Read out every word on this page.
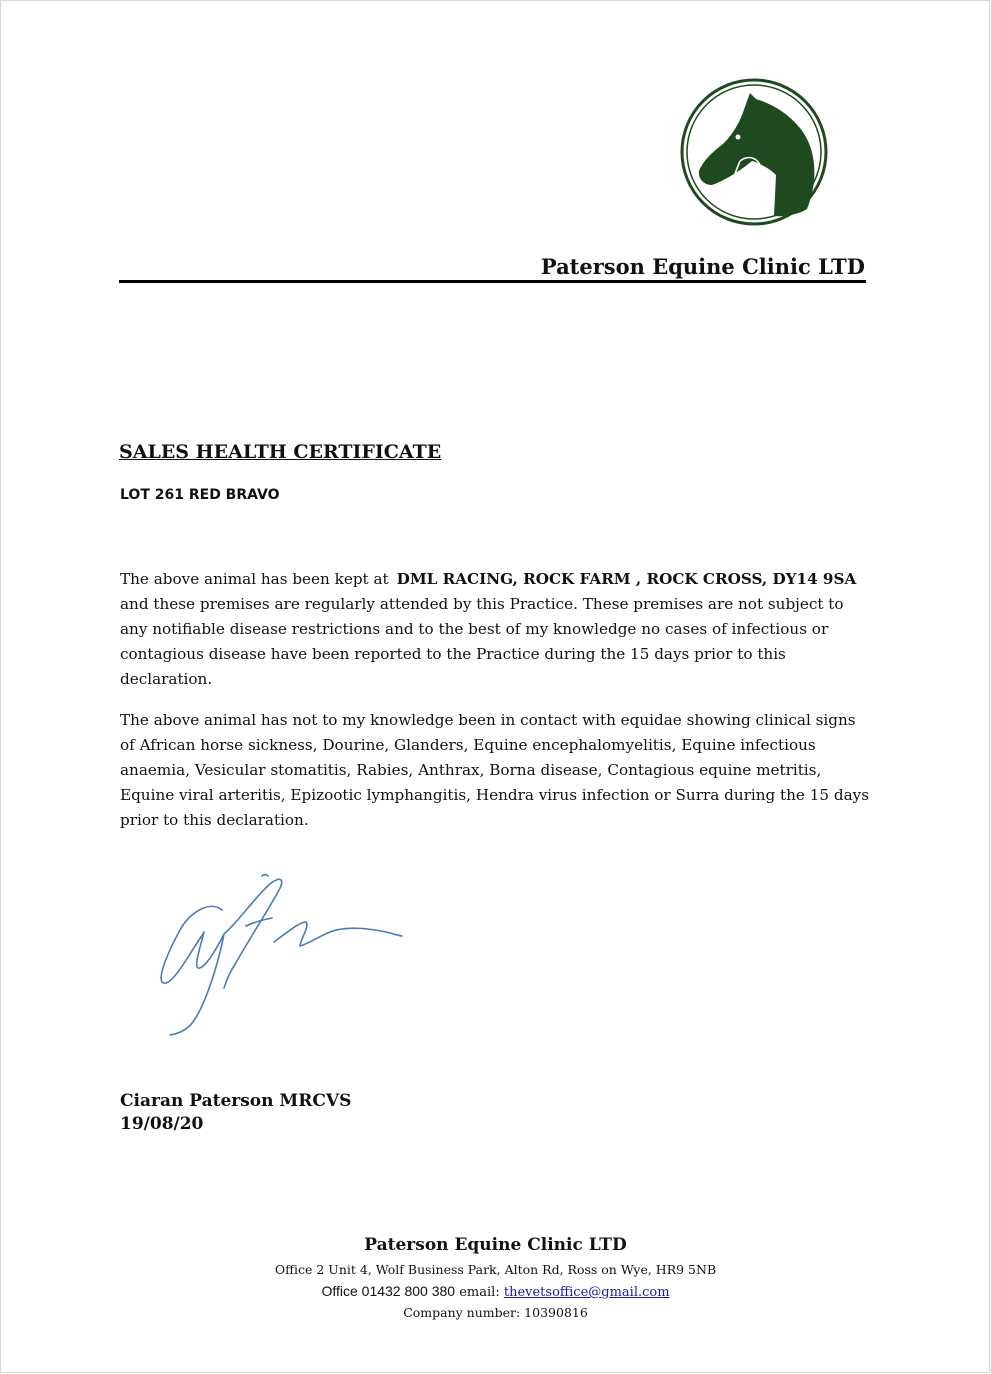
Paterson Equine Clinic LTD
SALES HEALTH CERTIFICATE
LOT 261 RED BRAVO
The above animal has been kept at DML RACING, ROCK FARM , ROCK CROSS, DY14 9SA
and these premises are regularly attended by this Practice. These premises are not subject to
any notifiable disease restrictions and to the best of my knowledge no cases of infectious or
contagious disease have been reported to the Practice during the 15 days prior to this
declaration.
The above animal has not to my knowledge been in contact with equidae showing clinical signs
of African horse sickness, Dourine, Glanders, Equine encephalomyelitis, Equine infectious
anaemia, Vesicular stomatitis, Rabies, Anthrax, Borna disease, Contagious equine metritis,
Equine viral arteritis, Epizootic lymphangitis, Hendra virus infection or Surra during the 15 days
prior to this declaration.
Ciaran Paterson MRCVS
19/08/20
Paterson Equine Clinic LTD
Office 2 Unit 4, Wolf Business Park, Alton Rd, Ross on Wye, HR9 5NB
Office 01432 800 380 email: thevetsoffice@gmail.com
Company number: 10390816
